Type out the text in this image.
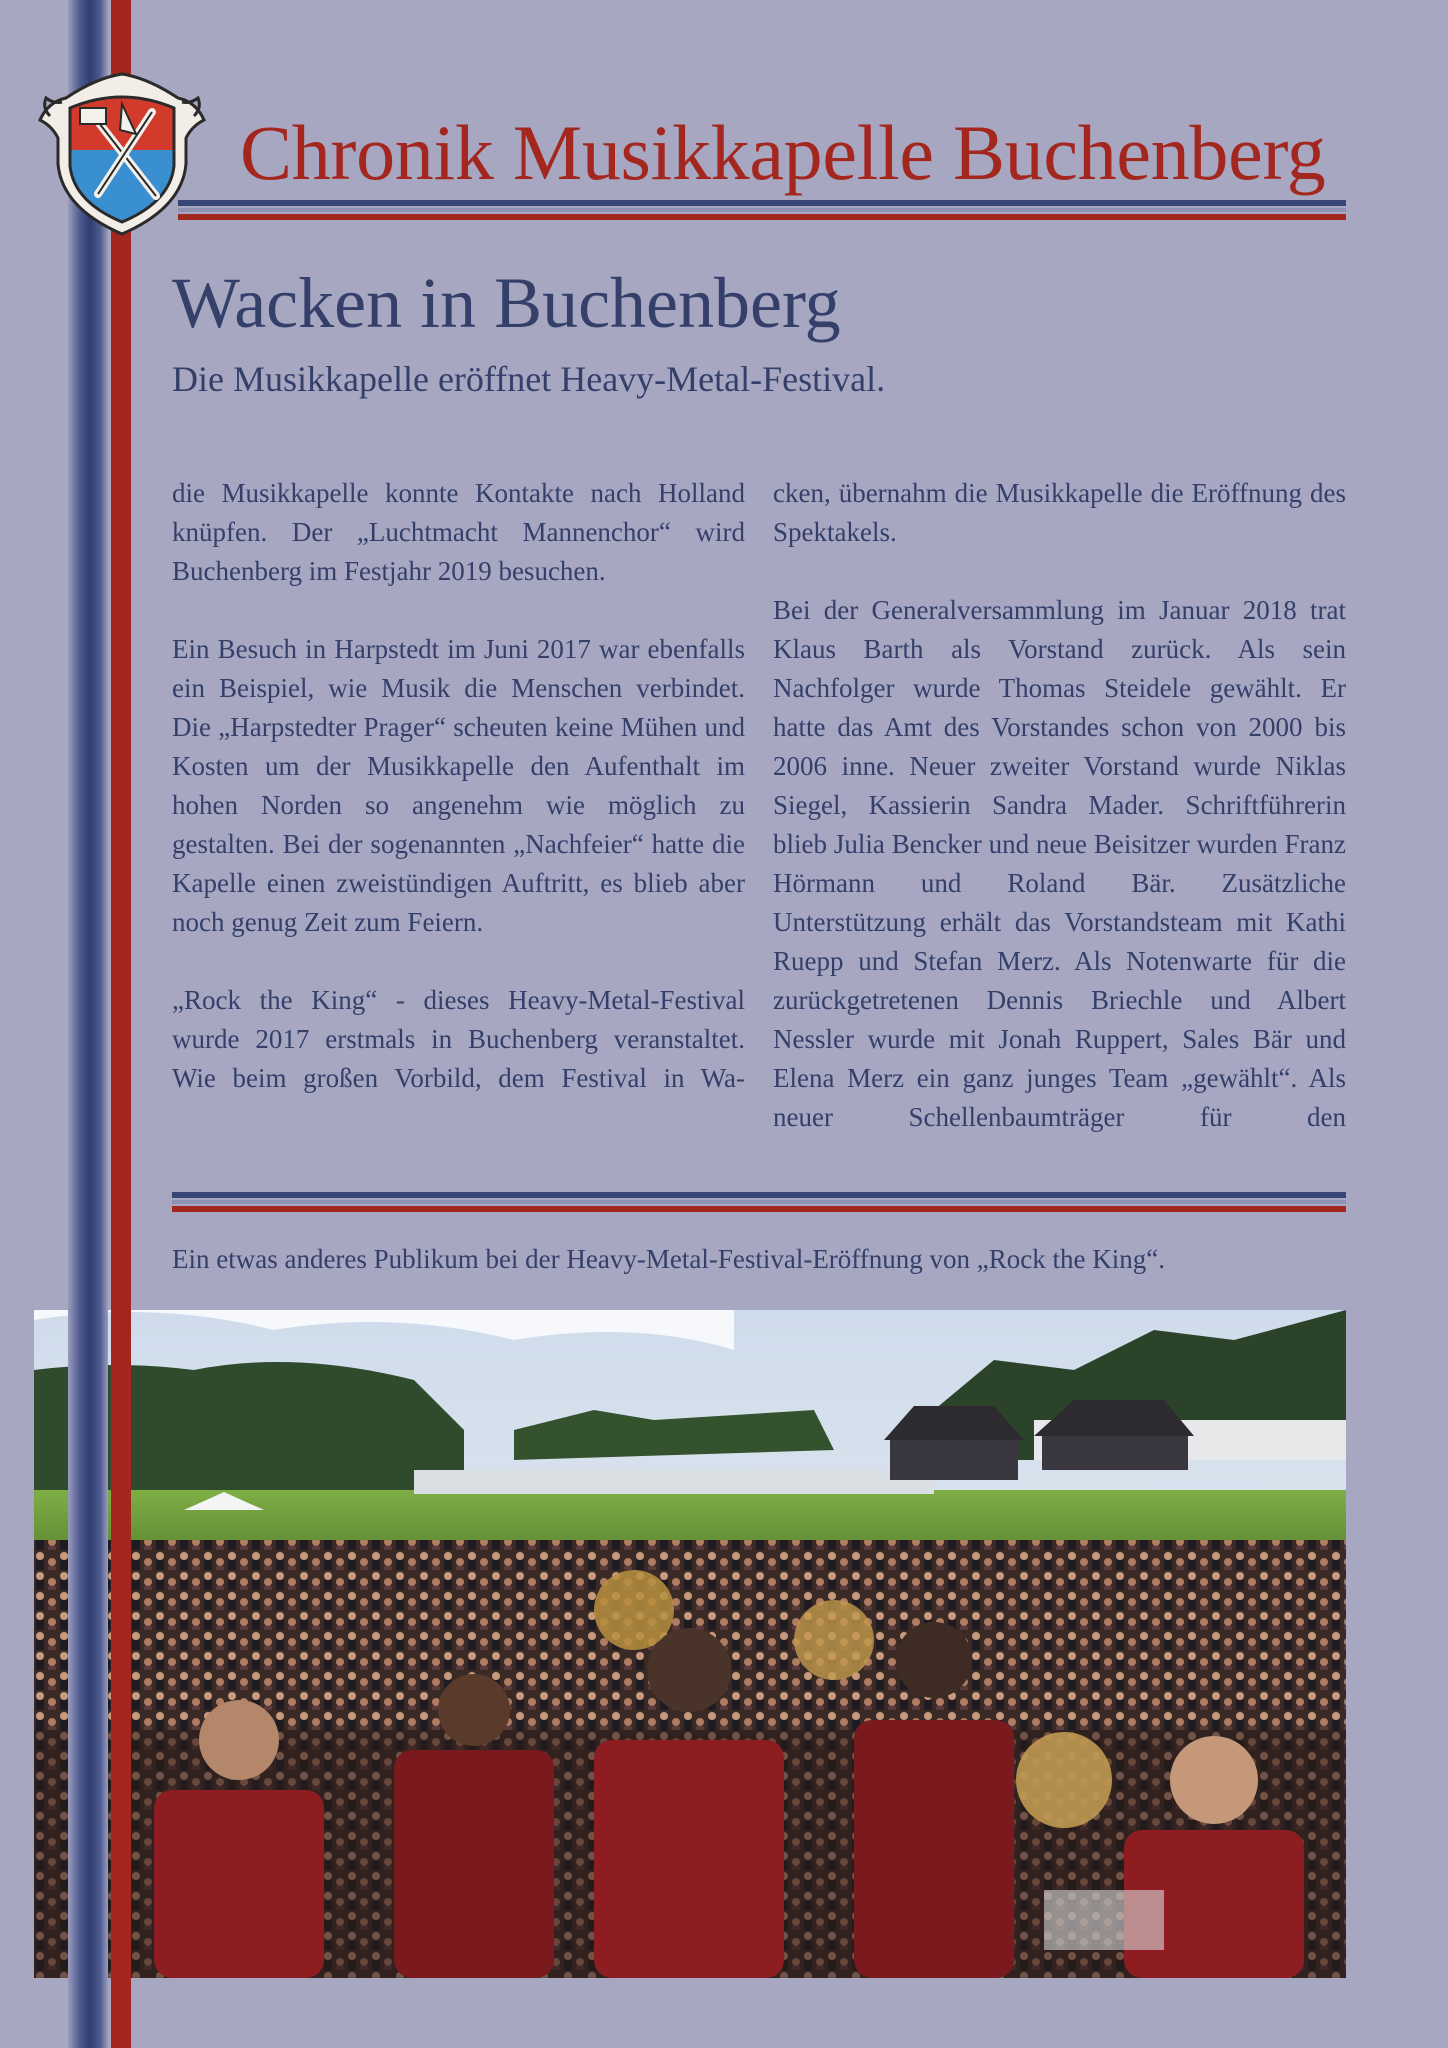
Chronik Musikkapelle Buchenberg
Wacken in Buchenberg
Die Musikkapelle eröffnet Heavy-Metal-Festival.

die Musikkapelle konnte Kontakte nach Holland knüpfen. Der „Luchtmacht Mannenchor“ wird Buchenberg im Festjahr 2019 besuchen.

Ein Besuch in Harpstedt im Juni 2017 war ebenfalls ein Beispiel, wie Musik die Menschen verbindet. Die „Harpstedter Prager“ scheuten keine Mühen und Kosten um der Musikkapelle den Aufenthalt im hohen Norden so angenehm wie möglich zu gestalten. Bei der sogenannten „Nachfeier“ hatte die Kapelle einen zweistündigen Auftritt, es blieb aber noch genug Zeit zum Feiern.

„Rock the King“ - dieses Heavy-Metal-Festival wurde 2017 erstmals in Buchenberg veranstaltet. Wie beim großen Vorbild, dem Festival in Wa-

cken, übernahm die Musikkapelle die Eröffnung des Spektakels.

Bei der Generalversammlung im Januar 2018 trat Klaus Barth als Vorstand zurück. Als sein Nachfolger wurde Thomas Steidele gewählt. Er hatte das Amt des Vorstandes schon von 2000 bis 2006 inne. Neuer zweiter Vorstand wurde Niklas Siegel, Kassierin Sandra Mader. Schriftführerin blieb Julia Bencker und neue Beisitzer wurden Franz Hörmann und Roland Bär. Zusätzliche Unterstützung erhält das Vorstandsteam mit Kathi Ruepp und Stefan Merz. Als Notenwarte für die zurückgetretenen Dennis Briechle und Albert Nessler wurde mit Jonah Ruppert, Sales Bär und Elena Merz ein ganz junges Team „gewählt“. Als neuer Schellenbaumträger für den

Ein etwas anderes Publikum bei der Heavy-Metal-Festival-Eröffnung von „Rock the King“.
